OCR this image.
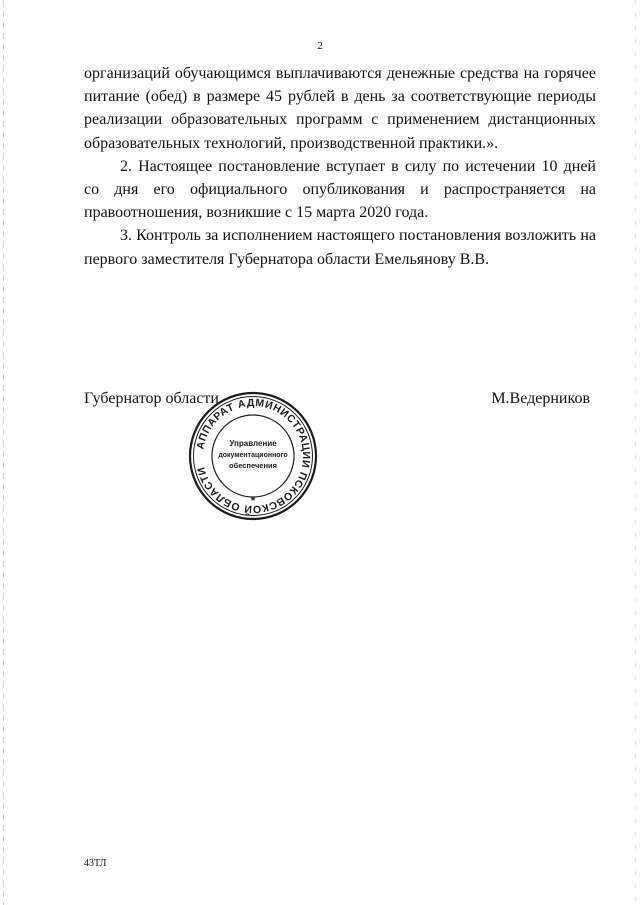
2

организаций обучающимся выплачиваются денежные средства на горячее питание (обед) в размере 45 рублей в день за соответствующие периоды реализации образовательных программ с применением дистанционных образовательных технологий, производственной практики.».

2. Настоящее постановление вступает в силу по истечении 10 дней со дня его официального опубликования и распространяется на правоотношения, возникшие с 15 марта 2020 года.

3. Контроль за исполнением настоящего постановления возложить на первого заместителя Губернатора области Емельянову В.В.

Губернатор области	М.Ведерников
АППАРАТ АДМИНИСТРАЦИИ ПСКОВСКОЙ ОБЛАСТИ
Управление
документационного
обеспечения
*
43ТЛ
